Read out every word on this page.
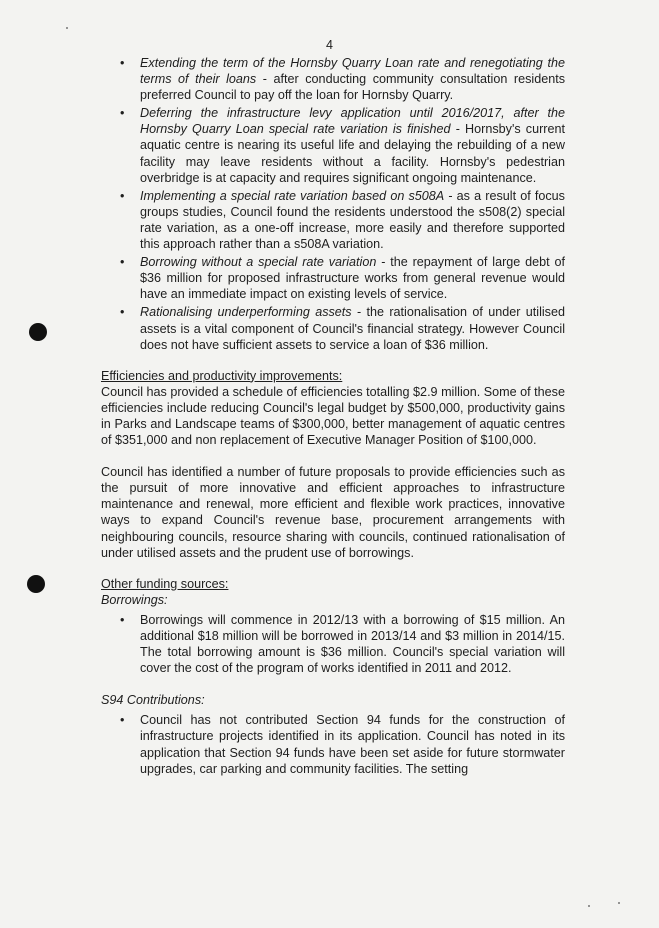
4
• Extending the term of the Hornsby Quarry Loan rate and renegotiating the terms of their loans - after conducting community consultation residents preferred Council to pay off the loan for Hornsby Quarry.
• Deferring the infrastructure levy application until 2016/2017, after the Hornsby Quarry Loan special rate variation is finished - Hornsby's current aquatic centre is nearing its useful life and delaying the rebuilding of a new facility may leave residents without a facility. Hornsby's pedestrian overbridge is at capacity and requires significant ongoing maintenance.
• Implementing a special rate variation based on s508A - as a result of focus groups studies, Council found the residents understood the s508(2) special rate variation, as a one-off increase, more easily and therefore supported this approach rather than a s508A variation.
• Borrowing without a special rate variation - the repayment of large debt of $36 million for proposed infrastructure works from general revenue would have an immediate impact on existing levels of service.
• Rationalising underperforming assets - the rationalisation of under utilised assets is a vital component of Council's financial strategy. However Council does not have sufficient assets to service a loan of $36 million.
Efficiencies and productivity improvements:
Council has provided a schedule of efficiencies totalling $2.9 million. Some of these efficiencies include reducing Council's legal budget by $500,000, productivity gains in Parks and Landscape teams of $300,000, better management of aquatic centres of $351,000 and non replacement of Executive Manager Position of $100,000.
Council has identified a number of future proposals to provide efficiencies such as the pursuit of more innovative and efficient approaches to infrastructure maintenance and renewal, more efficient and flexible work practices, innovative ways to expand Council's revenue base, procurement arrangements with neighbouring councils, resource sharing with councils, continued rationalisation of under utilised assets and the prudent use of borrowings.
Other funding sources:
Borrowings:
• Borrowings will commence in 2012/13 with a borrowing of $15 million. An additional $18 million will be borrowed in 2013/14 and $3 million in 2014/15. The total borrowing amount is $36 million. Council's special variation will cover the cost of the program of works identified in 2011 and 2012.
S94 Contributions:
• Council has not contributed Section 94 funds for the construction of infrastructure projects identified in its application. Council has noted in its application that Section 94 funds have been set aside for future stormwater upgrades, car parking and community facilities. The setting
